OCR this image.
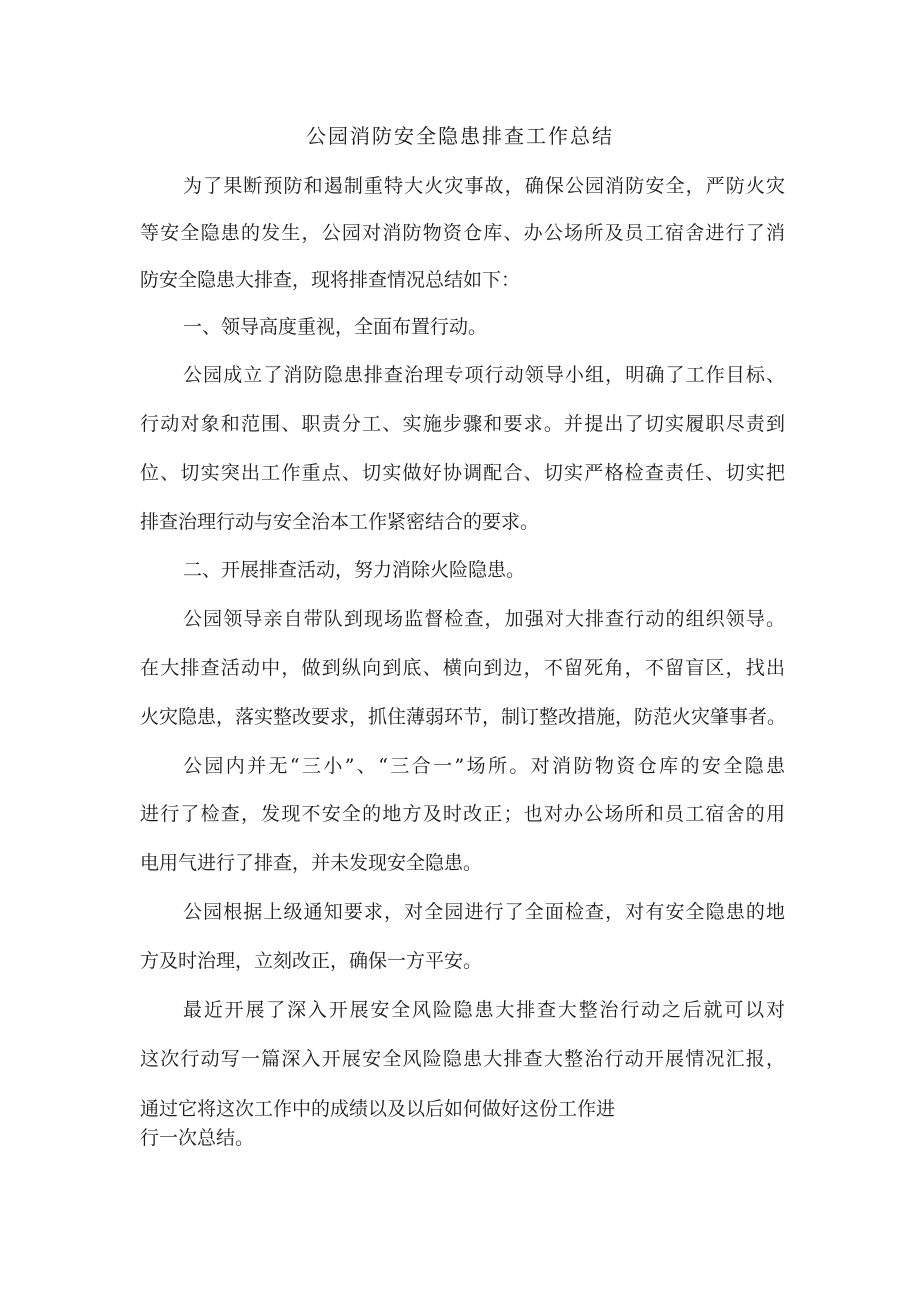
公园消防安全隐患排查工作总结
为了果断预防和遏制重特大火灾事故，确保公园消防安全，严防火灾
等安全隐患的发生，公园对消防物资仓库、办公场所及员工宿舍进行了消
防安全隐患大排查，现将排查情况总结如下：
一、领导高度重视，全面布置行动。
公园成立了消防隐患排查治理专项行动领导小组，明确了工作目标、
行动对象和范围、职责分工、实施步骤和要求。并提出了切实履职尽责到
位、切实突出工作重点、切实做好协调配合、切实严格检查责任、切实把
排查治理行动与安全治本工作紧密结合的要求。
二、开展排查活动，努力消除火险隐患。
公园领导亲自带队到现场监督检查，加强对大排查行动的组织领导。
在大排查活动中，做到纵向到底、横向到边，不留死角，不留盲区，找出
火灾隐患，落实整改要求，抓住薄弱环节，制订整改措施，防范火灾肇事者。
公园内并无“三小”、“三合一”场所。对消防物资仓库的安全隐患
进行了检查，发现不安全的地方及时改正；也对办公场所和员工宿舍的用
电用气进行了排查，并未发现安全隐患。
公园根据上级通知要求，对全园进行了全面检查，对有安全隐患的地
方及时治理，立刻改正，确保一方平安。
最近开展了深入开展安全风险隐患大排查大整治行动之后就可以对
这次行动写一篇深入开展安全风险隐患大排查大整治行动开展情况汇报，
通过它将这次工作中的成绩以及以后如何做好这份工作进
行一次总结。
